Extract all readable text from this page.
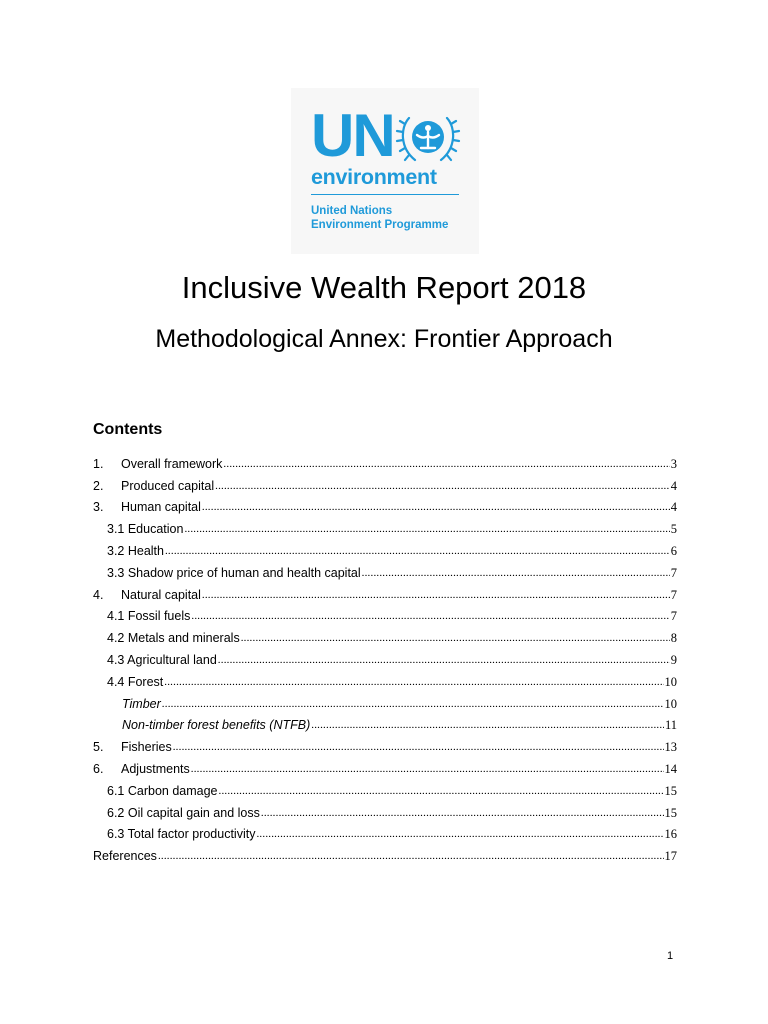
UN
environment
United Nations
Environment Programme
Inclusive Wealth Report 2018
Methodological Annex: Frontier Approach
Contents
1.	Overall framework .....	3
2.	Produced capital .....	4
3.	Human capital .....	4
3.1 Education .....	5
3.2 Health .....	6
3.3 Shadow price of human and health capital .....	7
4.	Natural capital .....	7
4.1 Fossil fuels .....	7
4.2 Metals and minerals .....	8
4.3 Agricultural land .....	9
4.4 Forest .....	10
Timber .....	10
Non-timber forest benefits (NTFB) .....	11
5.	Fisheries .....	13
6.	Adjustments .....	14
6.1 Carbon damage .....	15
6.2 Oil capital gain and loss .....	15
6.3 Total factor productivity .....	16
References .....	17
1
